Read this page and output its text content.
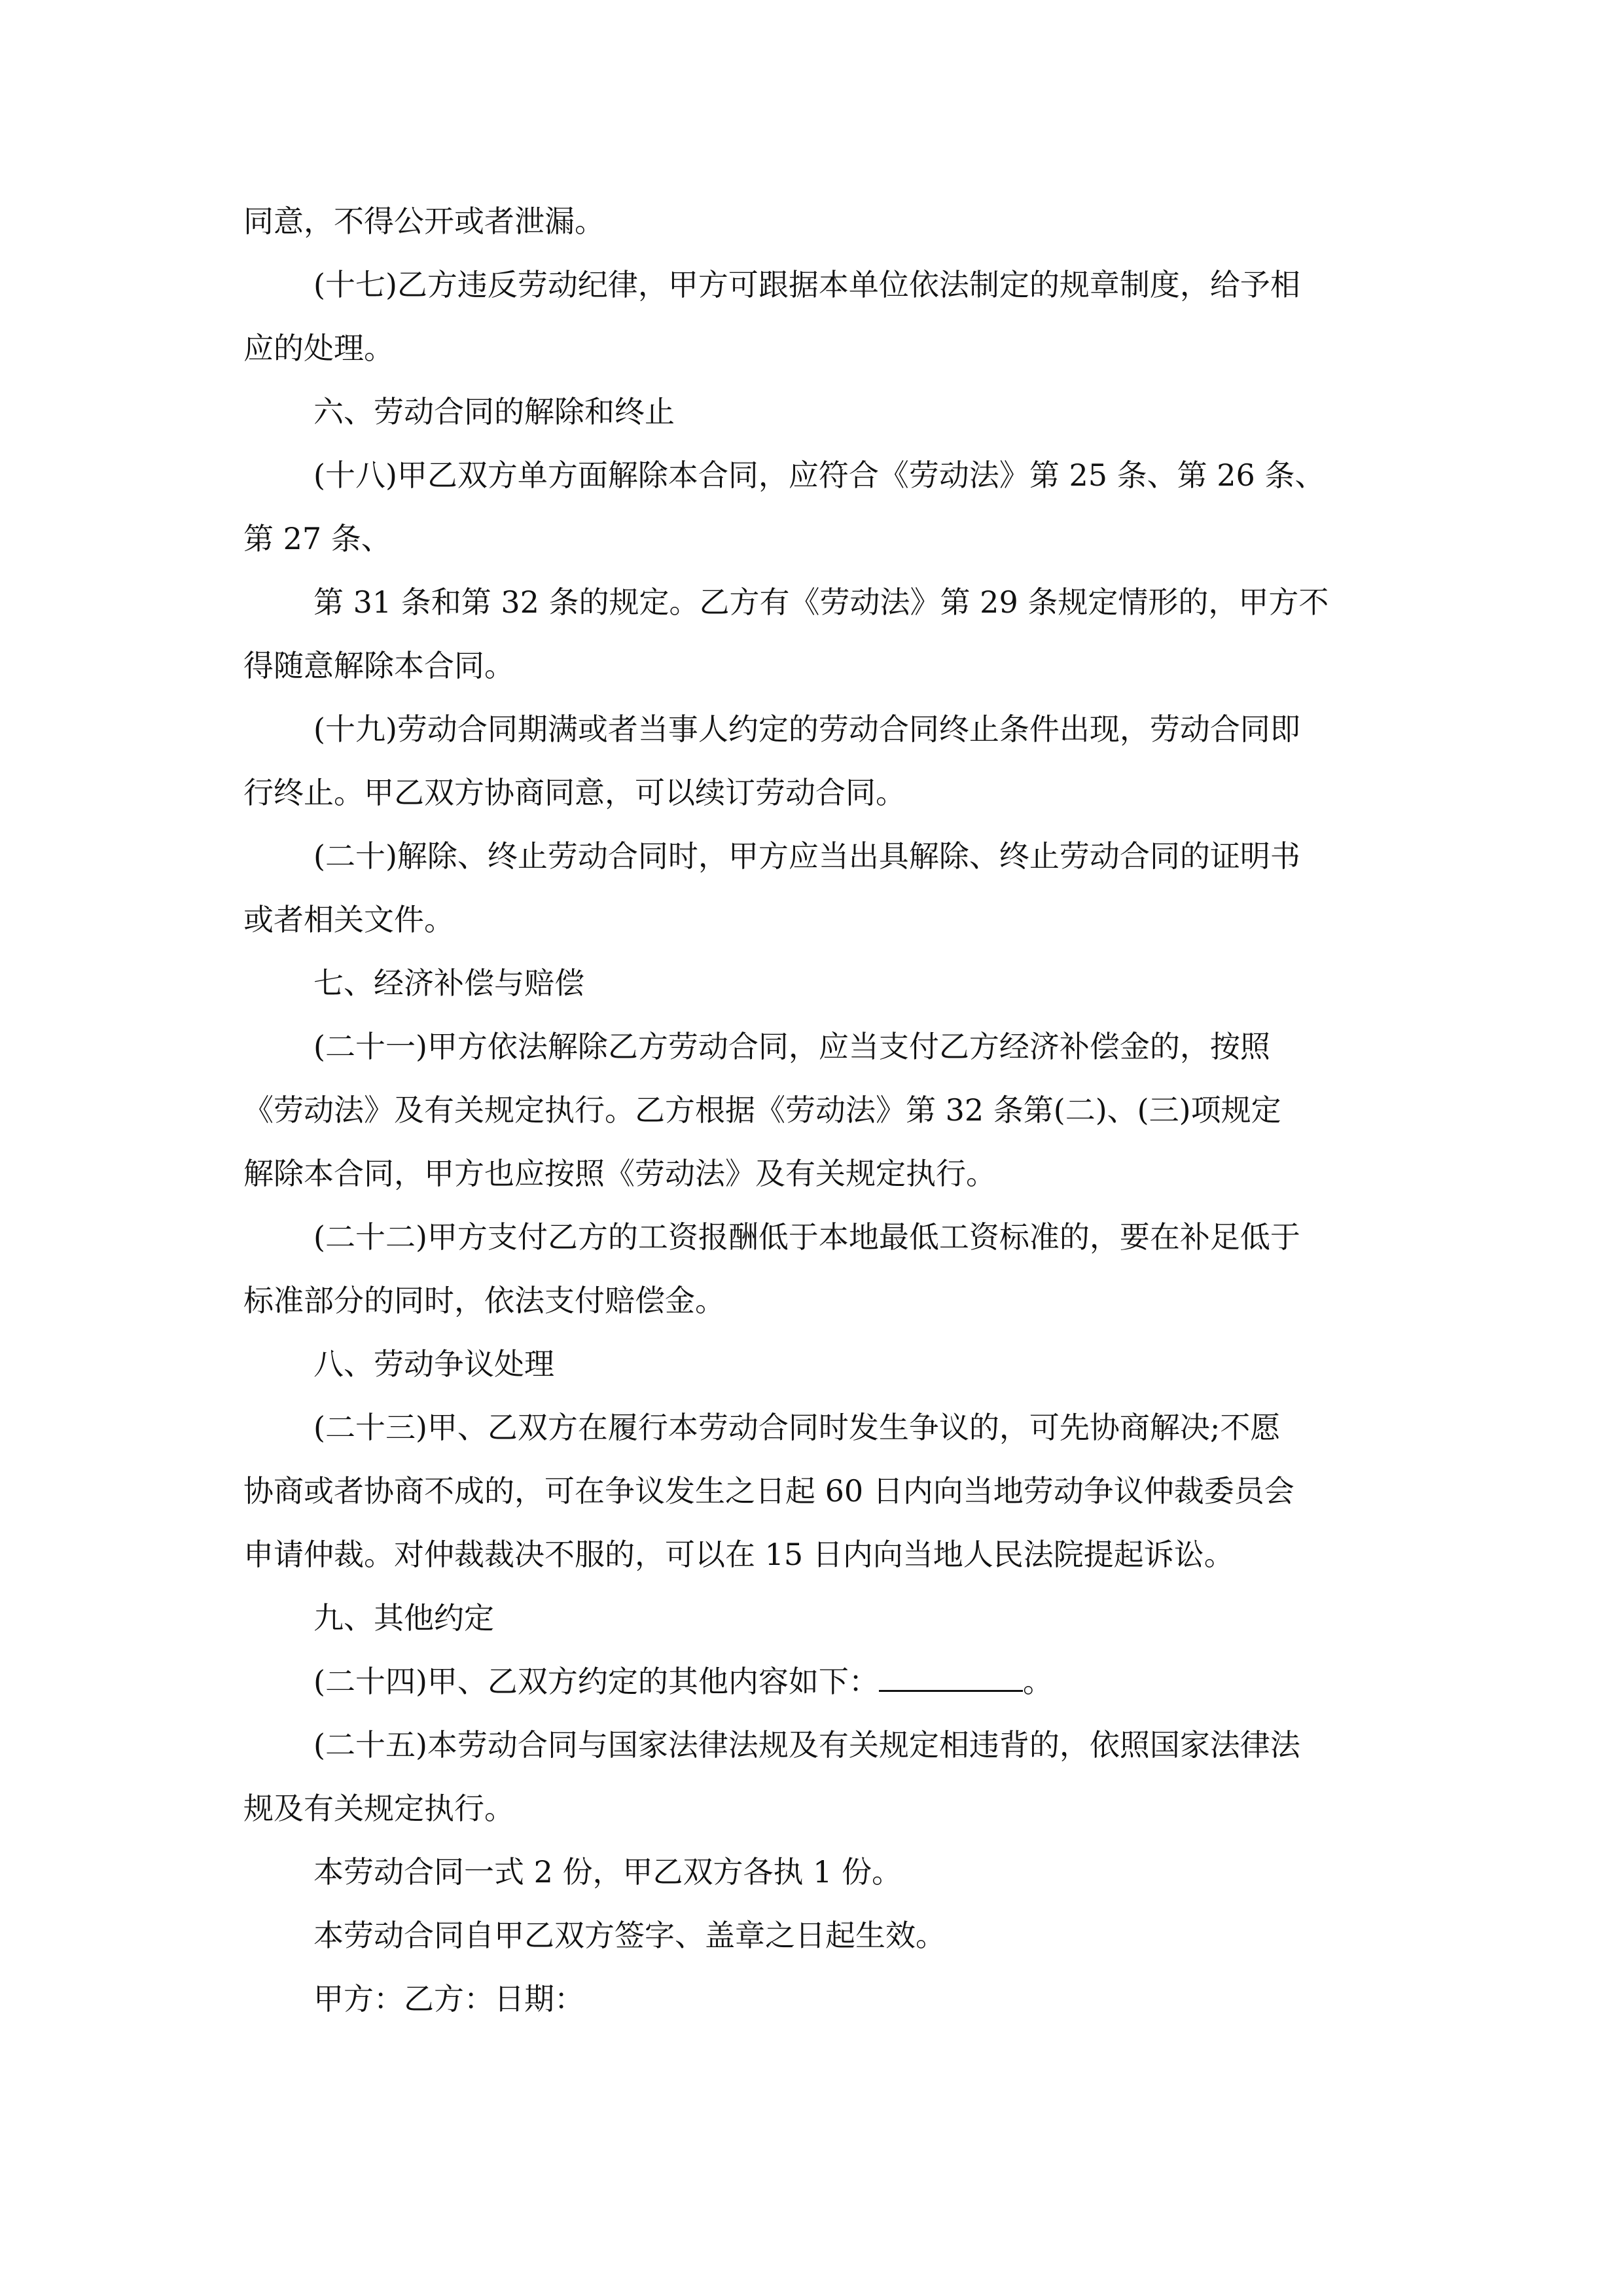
同意，不得公开或者泄漏。
(十七)乙方违反劳动纪律，甲方可跟据本单位依法制定的规章制度，给予相
应的处理。
六、劳动合同的解除和终止
(十八)甲乙双方单方面解除本合同，应符合《劳动法》第 25 条、第 26 条、
第 27 条、
第 31 条和第 32 条的规定。乙方有《劳动法》第 29 条规定情形的，甲方不
得随意解除本合同。
(十九)劳动合同期满或者当事人约定的劳动合同终止条件出现，劳动合同即
行终止。甲乙双方协商同意，可以续订劳动合同。
(二十)解除、终止劳动合同时，甲方应当出具解除、终止劳动合同的证明书
或者相关文件。
七、经济补偿与赔偿
(二十一)甲方依法解除乙方劳动合同，应当支付乙方经济补偿金的，按照
《劳动法》及有关规定执行。乙方根据《劳动法》第 32 条第(二)、(三)项规定
解除本合同，甲方也应按照《劳动法》及有关规定执行。
(二十二)甲方支付乙方的工资报酬低于本地最低工资标准的，要在补足低于
标准部分的同时，依法支付赔偿金。
八、劳动争议处理
(二十三)甲、乙双方在履行本劳动合同时发生争议的，可先协商解决;不愿
协商或者协商不成的，可在争议发生之日起 60 日内向当地劳动争议仲裁委员会
申请仲裁。对仲裁裁决不服的，可以在 15 日内向当地人民法院提起诉讼。
九、其他约定
(二十四)甲、乙双方约定的其他内容如下：	。
(二十五)本劳动合同与国家法律法规及有关规定相违背的，依照国家法律法
规及有关规定执行。
本劳动合同一式 2 份，甲乙双方各执 1 份。
本劳动合同自甲乙双方签字、盖章之日起生效。
甲方：乙方：日期：
